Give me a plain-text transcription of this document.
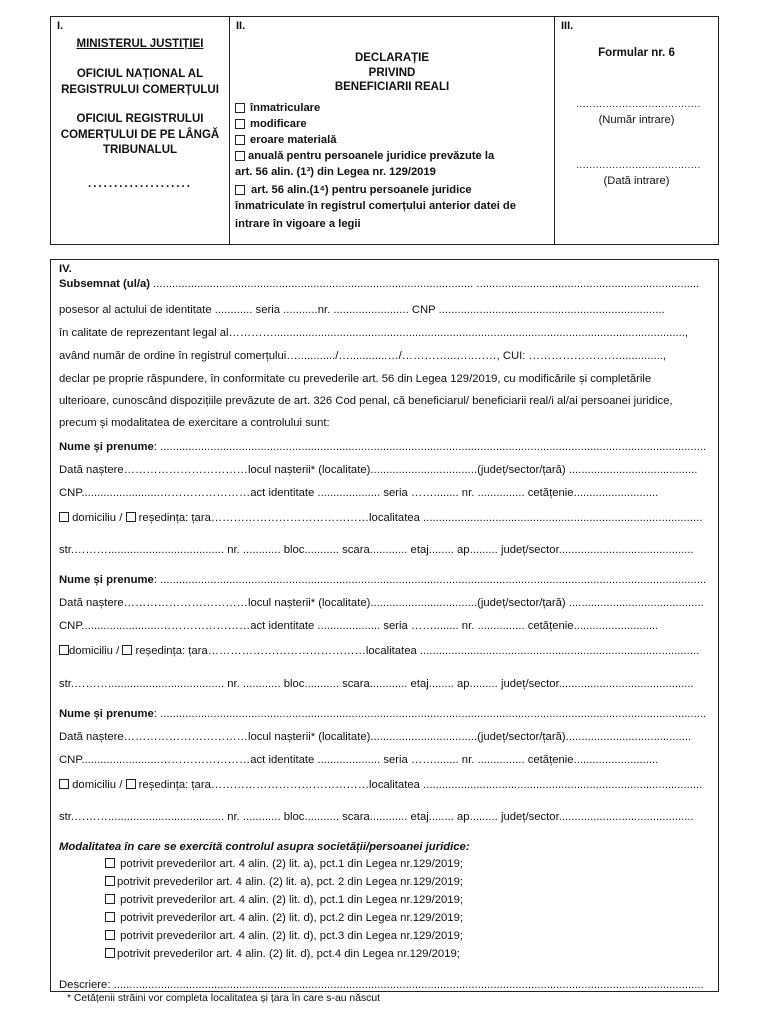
I.
MINISTERUL JUSTIȚIEI
OFICIUL NAȚIONAL AL
REGISTRULUI COMERȚULUI
OFICIUL REGISTRULUI
COMERȚULUI DE PE LÂNGĂ
TRIBUNALUL
....................
II.
DECLARAȚIE
PRIVIND
BENEFICIARII REALI
înmatriculare
modificare
eroare materială
anuală pentru persoanele juridice prevăzute la
art. 56 alin. (1³) din Legea nr. 129/2019
art. 56 alin.(1⁴) pentru persoanele juridice
înmatriculate în registrul comerțului anterior datei de
intrare în vigoare a legii
III.
Formular nr. 6
......................................
(Număr intrare)
......................................
(Dată intrare)
IV.
Subsemnat (ul/a) ...................................................................................................... .......................................................................
posesor al actului de identitate ............ seria ...........nr. ........................ CNP ........................................................................
în calitate de reprezentant legal al…………...................................................................................................................................,
având număr de ordine în registrul comerțului…............/…............…/…………...…..……, CUI: ……………………..............,
declar pe proprie răspundere, în conformitate cu prevederile art. 56 din Legea 129/2019, cu modificările și completările
ulterioare, cunoscând dispozițiile prevăzute de art. 326 Cod penal, că beneficiarul/ beneficiarii real/i al/ai persoanei juridice,
precum și modalitatea de exercitare a controlului sunt:
Nume și prenume: ..............................................................................................................................................................................
Dată naștere……………………………locul nașterii* (localitate)..................................(județ/sector/țară) .........................................
CNP.........................……………………act identitate .................... seria ……........ nr. ............... cetățenie...........................
domiciliu / reședința: țara……………………………………localitatea .........................................................................................
str.………..................................... nr. ............ bloc........... scara............ etaj........ ap......... județ/sector...........................................
Nume și prenume: ..............................................................................................................................................................................
Dată naștere……………………………locul nașterii* (localitate)..................................(județ/sector/țară) ...........................................
CNP.........................……………………act identitate .................... seria ……........ nr. ............... cetățenie...........................
domiciliu / reședința: țara……………………………………localitatea .........................................................................................
str.………..................................... nr. ............ bloc........... scara............ etaj........ ap......... județ/sector...........................................
Nume și prenume: ..............................................................................................................................................................................
Dată naștere……………………………locul nașterii* (localitate)..................................(județ/sector/țară)........................................
CNP.........................……………………act identitate .................... seria ……........ nr. ............... cetățenie...........................
domiciliu / reședința: țara……………………………………localitatea .........................................................................................
str.………..................................... nr. ............ bloc........... scara............ etaj........ ap......... județ/sector...........................................
Modalitatea în care se exercită controlul asupra societății/persoanei juridice:
potrivit prevederilor art. 4 alin. (2) lit. a), pct.1 din Legea nr.129/2019;
potrivit prevederilor art. 4 alin. (2) lit. a), pct. 2 din Legea nr.129/2019;
potrivit prevederilor art. 4 alin. (2) lit. d), pct.1 din Legea nr.129/2019;
potrivit prevederilor art. 4 alin. (2) lit. d), pct.2 din Legea nr.129/2019;
potrivit prevederilor art. 4 alin. (2) lit. d), pct.3 din Legea nr.129/2019;
potrivit prevederilor art. 4 alin. (2) lit. d), pct.4 din Legea nr.129/2019;
Descriere: ............................................................................................................................................................................................
* Cetățenii străini vor completa localitatea și țara în care s-au născut
